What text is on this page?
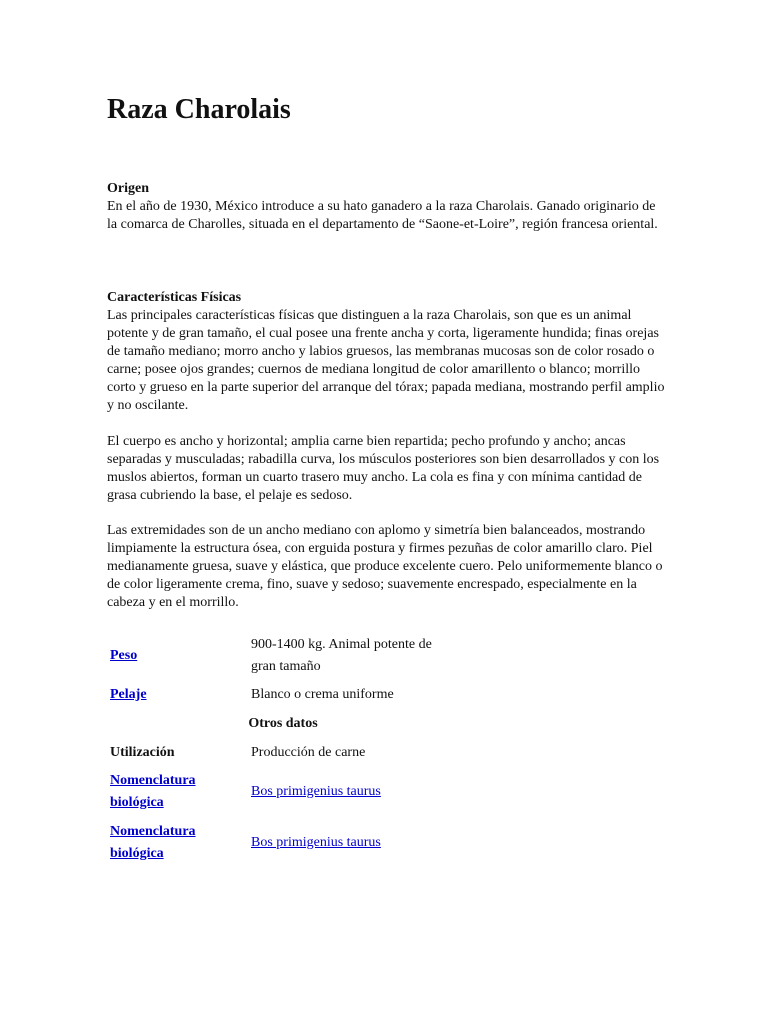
Raza Charolais

Origen

En el año de 1930, México introduce a su hato ganadero a la raza Charolais. Ganado originario de la comarca de Charolles, situada en el departamento de “Saone-et-Loire”, región francesa oriental.

Características Físicas

Las principales características físicas que distinguen a la raza Charolais, son que es un animal potente y de gran tamaño, el cual posee una frente ancha y corta, ligeramente hundida; finas orejas de tamaño mediano; morro ancho y labios gruesos, las membranas mucosas son de color rosado o carne; posee ojos grandes; cuernos de mediana longitud de color amarillento o blanco; morrillo corto y grueso en la parte superior del arranque del tórax; papada mediana, mostrando perfil amplio y no oscilante.

El cuerpo es ancho y horizontal; amplia carne bien repartida; pecho profundo y ancho; ancas separadas y musculadas; rabadilla curva, los músculos posteriores son bien desarrollados y con los muslos abiertos, forman un cuarto trasero muy ancho. La cola es fina y con mínima cantidad de grasa cubriendo la base, el pelaje es sedoso.

Las extremidades son de un ancho mediano con aplomo y simetría bien balanceados, mostrando limpiamente la estructura ósea, con erguida postura y firmes pezuñas de color amarillo claro. Piel medianamente gruesa, suave y elástica, que produce excelente cuero. Pelo uniformemente blanco o de color ligeramente crema, fino, suave y sedoso; suavemente encrespado, especialmente en la cabeza y en el morrillo.

Peso	900-1400 kg. Animal potente de gran tamaño
Pelaje	Blanco o crema uniforme
Otros datos	
Utilización	Producción de carne
Nomenclatura biológica	Bos primigenius taurus
Nomenclatura biológica	Bos primigenius taurus
